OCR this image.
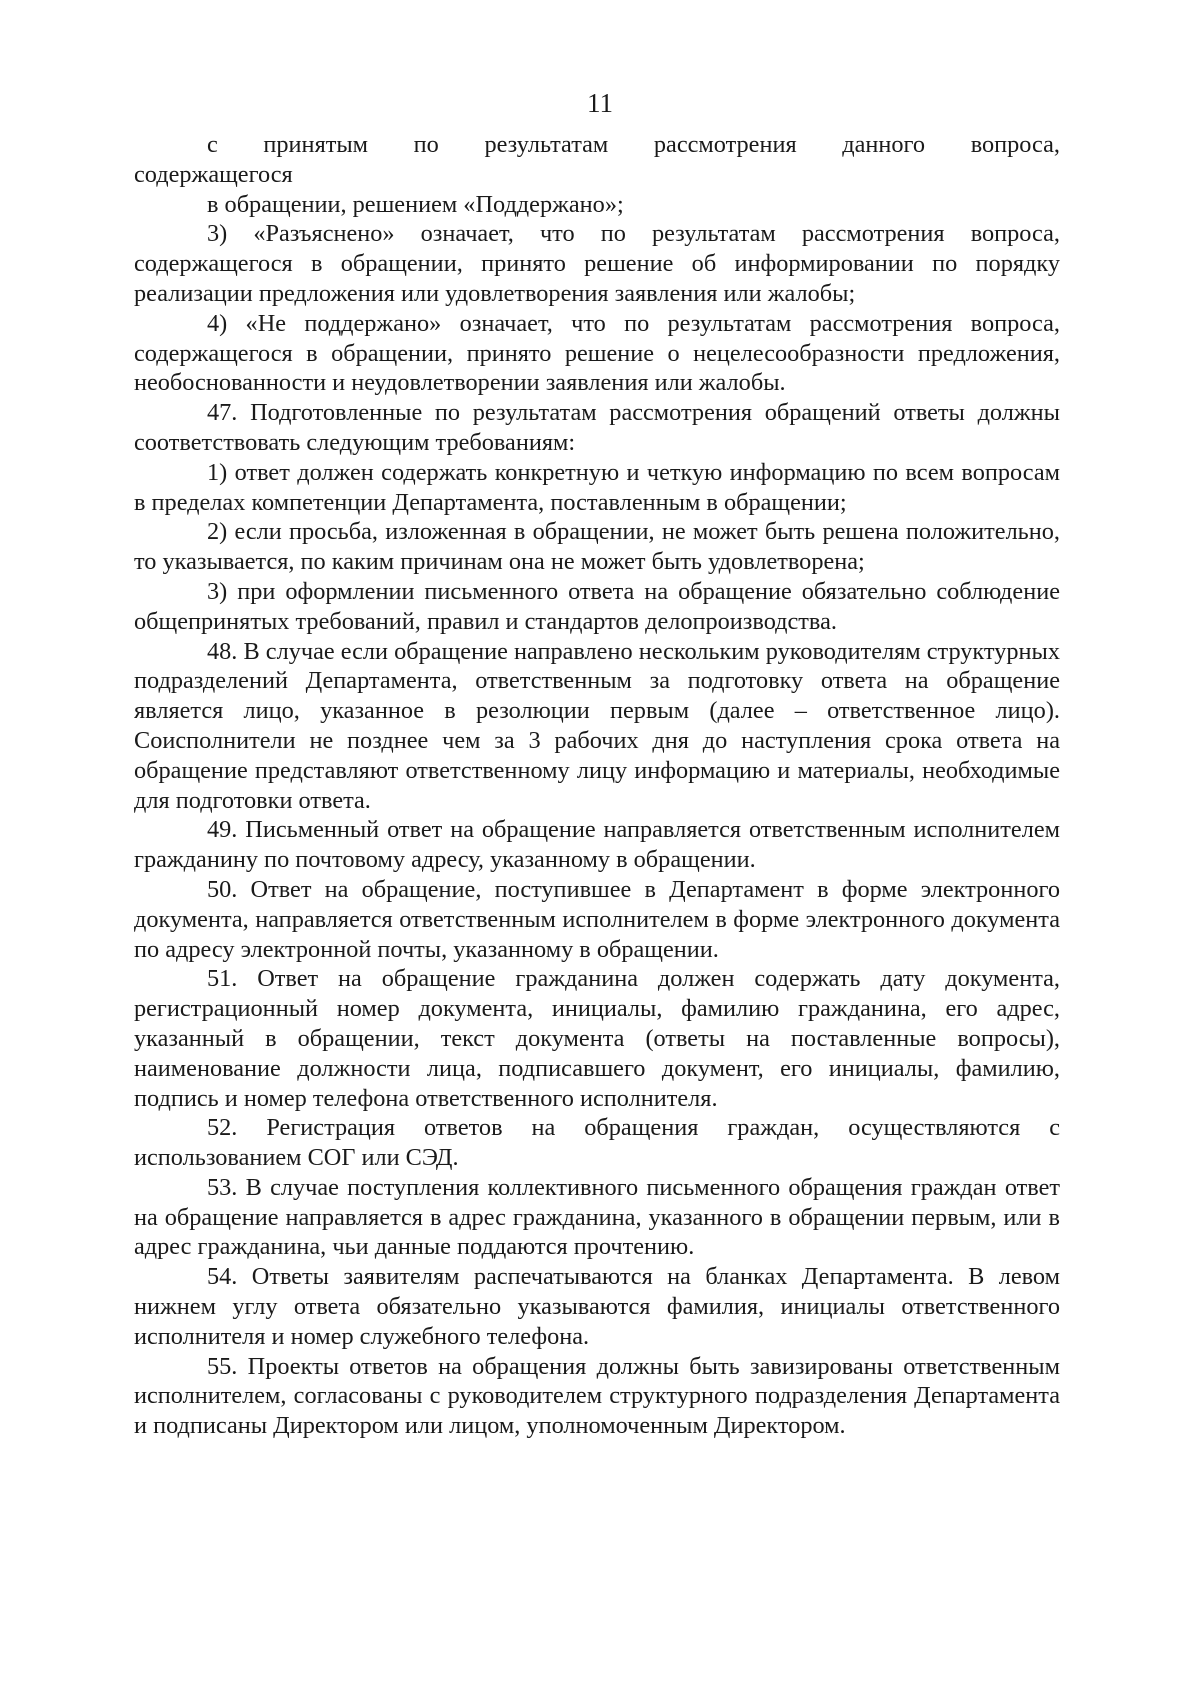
11

с принятым по результатам рассмотрения данного вопроса,

содержащегося

в обращении, решением «Поддержано»;

3) «Разъяснено» означает, что по результатам рассмотрения вопроса, содержащегося в обращении, принято решение об информировании по порядку реализации предложения или удовлетворения заявления или жалобы;

4) «Не поддержано» означает, что по результатам рассмотрения вопроса, содержащегося в обращении, принято решение о нецелесообразности предложения, необоснованности и неудовлетворении заявления или жалобы.

47. Подготовленные по результатам рассмотрения обращений ответы должны соответствовать следующим требованиям:

1) ответ должен содержать конкретную и четкую информацию по всем вопросам в пределах компетенции Департамента, поставленным в обращении;

2) если просьба, изложенная в обращении, не может быть решена положительно, то указывается, по каким причинам она не может быть удовлетворена;

3) при оформлении письменного ответа на обращение обязательно соблюдение общепринятых требований, правил и стандартов делопроизводства.

48. В случае если обращение направлено нескольким руководителям структурных подразделений Департамента, ответственным за подготовку ответа на обращение является лицо, указанное в резолюции первым (далее – ответственное лицо). Соисполнители не позднее чем за 3 рабочих дня до наступления срока ответа на обращение представляют ответственному лицу информацию и материалы, необходимые для подготовки ответа.

49. Письменный ответ на обращение направляется ответственным исполнителем гражданину по почтовому адресу, указанному в обращении.

50. Ответ на обращение, поступившее в Департамент в форме электронного документа, направляется ответственным исполнителем в форме электронного документа по адресу электронной почты, указанному в обращении.

51. Ответ на обращение гражданина должен содержать дату документа, регистрационный номер документа, инициалы, фамилию гражданина, его адрес, указанный в обращении, текст документа (ответы на поставленные вопросы), наименование должности лица, подписавшего документ, его инициалы, фамилию, подпись и номер телефона ответственного исполнителя.

52. Регистрация ответов на обращения граждан, осуществляются с использованием СОГ или СЭД.

53. В случае поступления коллективного письменного обращения граждан ответ на обращение направляется в адрес гражданина, указанного в обращении первым, или в адрес гражданина, чьи данные поддаются прочтению.

54. Ответы заявителям распечатываются на бланках Департамента. В левом нижнем углу ответа обязательно указываются фамилия, инициалы ответственного исполнителя и номер служебного телефона.

55. Проекты ответов на обращения должны быть завизированы ответственным исполнителем, согласованы с руководителем структурного подразделения Департамента и подписаны Директором или лицом, уполномоченным Директором.
